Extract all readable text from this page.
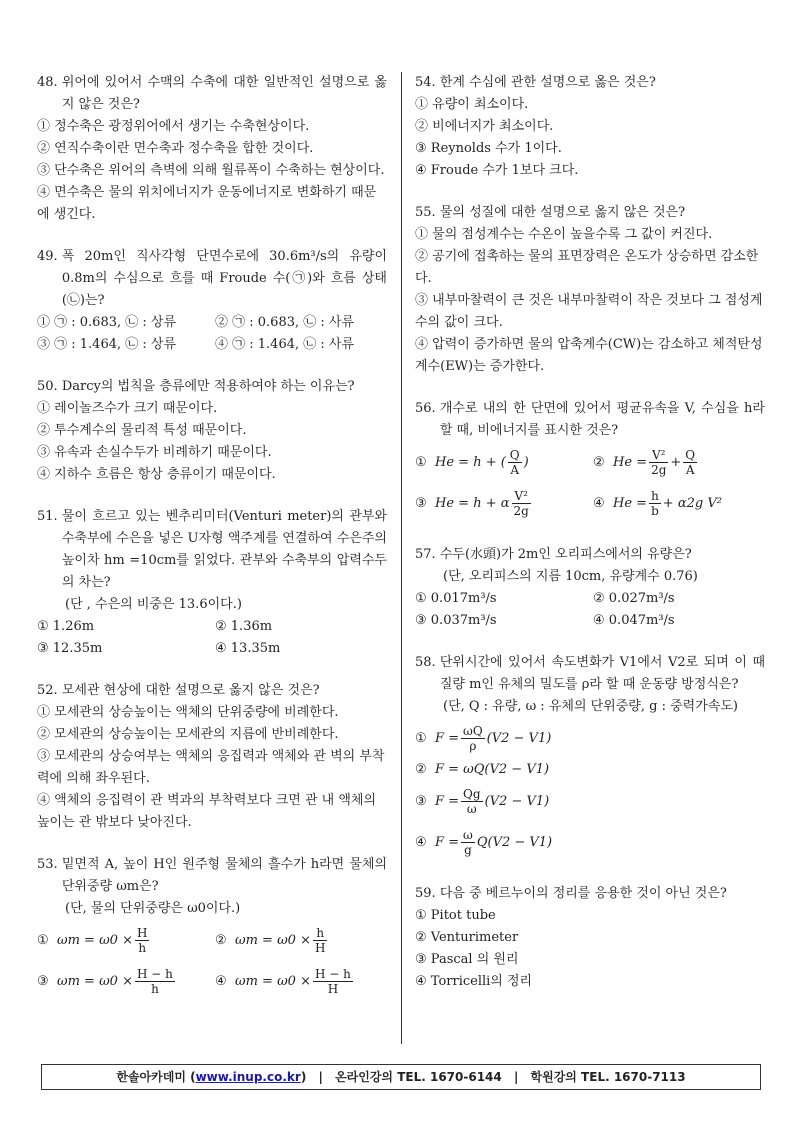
48.
위어에 있어서 수맥의 수축에 대한 일반적인 설명으로 옳지 않은 것은?
① 정수축은 광정위어에서 생기는 수축현상이다.
② 연직수축이란 면수축과 정수축을 합한 것이다.
③ 단수축은 위어의 측벽에 의해 월류폭이 수축하는 현상이다.
④ 면수축은 물의 위치에너지가 운동에너지로 변화하기 때문에 생긴다.
49.
폭 20m인 직사각형 단면수로에 30.6m³/s의 유량이 0.8m의 수심으로 흐를 때 Froude 수(㉠)와 흐름 상태(㉡)는?
① ㉠ : 0.683, ㉡ : 상류	② ㉠ : 0.683, ㉡ : 사류
③ ㉠ : 1.464, ㉡ : 상류	④ ㉠ : 1.464, ㉡ : 사류
50.
Darcy의 법칙을 층류에만 적용하여야 하는 이유는?
① 레이놀즈수가 크기 때문이다.
② 투수계수의 물리적 특성 때문이다.
③ 유속과 손실수두가 비례하기 때문이다.
④ 지하수 흐름은 항상 층류이기 때문이다.
51.
물이 흐르고 있는 벤추리미터(Venturi meter)의 관부와 수축부에 수은을 넣은 U자형 액주계를 연결하여 수은주의 높이차 hm =10cm를 읽었다. 관부와 수축부의 압력수두의 차는?
(단 , 수은의 비중은 13.6이다.)
① 1.26m	② 1.36m
③ 12.35m	④ 13.35m
52.
모세관 현상에 대한 설명으로 옳지 않은 것은?
① 모세관의 상승높이는 액체의 단위중량에 비례한다.
② 모세관의 상승높이는 모세관의 지름에 반비례한다.
③ 모세관의 상승여부는 액체의 응집력과 액체와 관 벽의 부착력에 의해 좌우된다.
④ 액체의 응집력이 관 벽과의 부착력보다 크면 관 내 액체의 높이는 관 밖보다 낮아진다.
53.
밑면적 A, 높이 H인 원주형 물체의 흘수가 h라면 물체의 단위중량 ωm은?
(단, 물의 단위중량은 ω0이다.)
① $\omega m = \omega 0 \times \frac{H}{h}$	② $\omega m = \omega 0 \times \frac{h}{H}$
③ $\omega m = \omega 0 \times \frac{H - h}{h}$	④ $\omega m = \omega 0 \times \frac{H - h}{H}$
54.
한계 수심에 관한 설명으로 옳은 것은?
① 유량이 최소이다.
② 비에너지가 최소이다.
③ Reynolds 수가 1이다.
④ Froude 수가 1보다 크다.
55.
물의 성질에 대한 설명으로 옳지 않은 것은?
① 물의 점성계수는 수온이 높을수록 그 값이 커진다.
② 공기에 접촉하는 물의 표면장력은 온도가 상승하면 감소한다.
③ 내부마찰력이 큰 것은 내부마찰력이 작은 것보다 그 점성계수의 값이 크다.
④ 압력이 증가하면 물의 압축계수(CW)는 감소하고 체적탄성계수(EW)는 증가한다.
56.
개수로 내의 한 단면에 있어서 평균유속을 V, 수심을 h라 할 때, 비에너지를 표시한 것은?
① He = h + ( $\frac{Q}{A}$ )	② $He = \frac{\text{V²}}{2g} + \frac{Q}{A}$
③ He = h + α $\frac{\text{V²}}{2g}$	④ $He = \frac{h}{b} + \alpha 2g$ V²
57.
수두(水頭)가 2m인 오리피스에서의 유량은?
(단, 오리피스의 지름 10cm, 유량계수 0.76)
① 0.017m³/s	② 0.027m³/s
③ 0.037m³/s	④ 0.047m³/s
58.
단위시간에 있어서 속도변화가 V1에서 V2로 되며 이 때 질량 m인 유체의 밀도를 ρ라 할 때 운동량 방정식은?
(단, Q : 유량, ω : 유체의 단위중량, g : 중력가속도)
① $F = \frac{\omega Q}{\rho} (V2 - V1)$
② F = ωQ(V2 − V1)
③ $F = \frac{Qg}{\omega} (V2 - V1)$
④ $F = \frac{\omega}{g} Q(V2 - V1)$
59.
다음 중 베르누이의 정리를 응용한 것이 아닌 것은?
① Pitot tube
② Venturimeter
③ Pascal 의 원리
④ Torricelli의 정리
한솔아카데미 (www.inup.co.kr) | 온라인강의 TEL. 1670-6144 | 학원강의 TEL. 1670-7113
